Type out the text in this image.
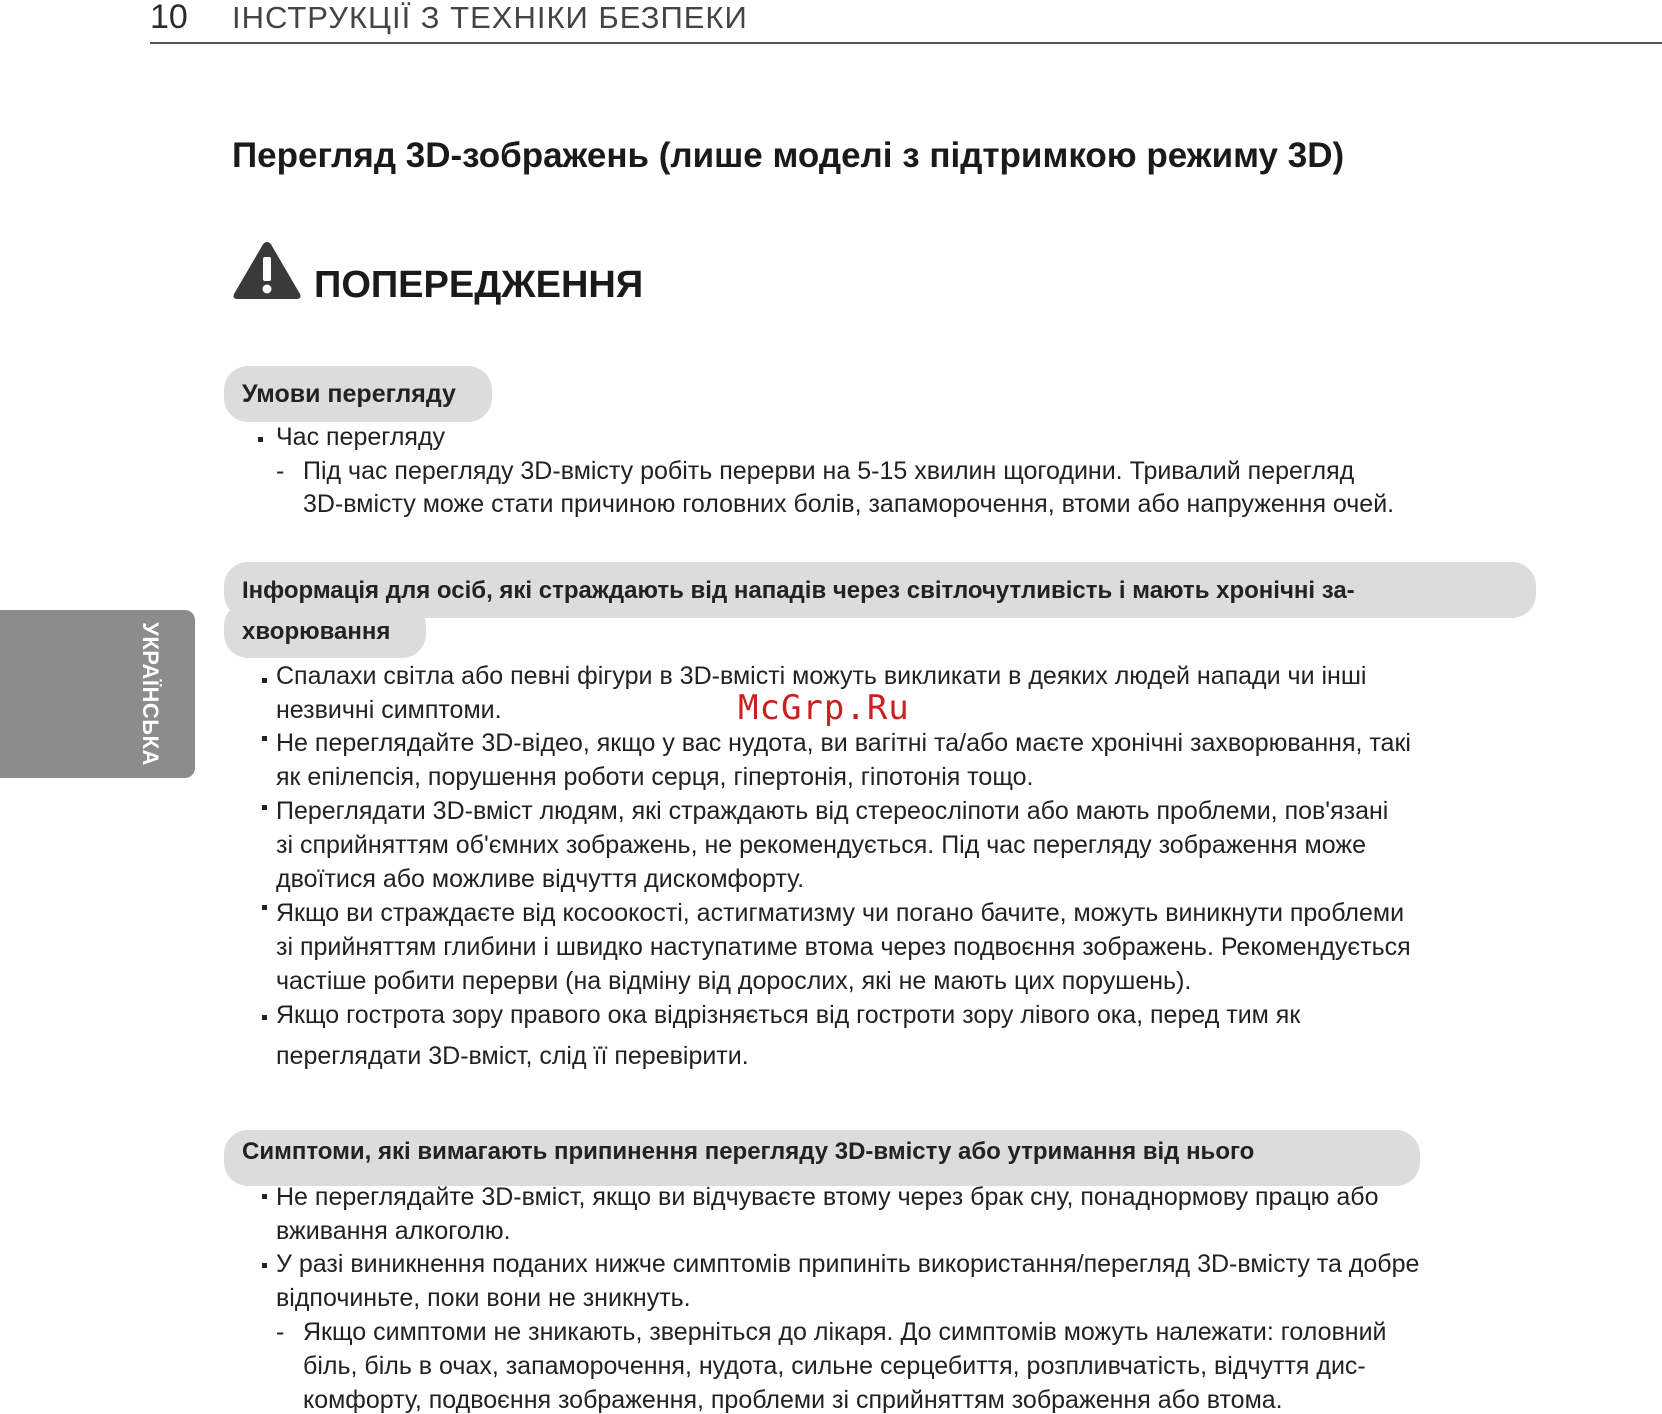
10 ІНСТРУКЦІЇ З ТЕХНІКИ БЕЗПЕКИ
УКРАЇНСЬКА
Перегляд 3D-зображень (лише моделі з підтримкою режиму 3D)
ПОПЕРЕДЖЕННЯ
Умови перегляду
Час перегляду
- Під час перегляду 3D-вмісту робіть перерви на 5-15 хвилин щогодини. Тривалий перегляд
3D-вмісту може стати причиною головних болів, запаморочення, втоми або напруження очей.
Інформація для осіб, які страждають від нападів через світлочутливість і мають хронічні за-
хворювання
Спалахи світла або певні фігури в 3D-вмісті можуть викликати в деяких людей напади чи інші
незвичні симптоми.
Не переглядайте 3D-відео, якщо у вас нудота, ви вагітні та/або маєте хронічні захворювання, такі
як епілепсія, порушення роботи серця, гіпертонія, гіпотонія тощо.
Переглядати 3D-вміст людям, які страждають від стереосліпоти або мають проблеми, пов'язані
зі сприйняттям об'ємних зображень, не рекомендується. Під час перегляду зображення може
двоїтися або можливе відчуття дискомфорту.
Якщо ви страждаєте від косоокості, астигматизму чи погано бачите, можуть виникнути проблеми
зі прийняттям глибини і швидко наступатиме втома через подвоєння зображень. Рекомендується
частіше робити перерви (на відміну від дорослих, які не мають цих порушень).
Якщо гострота зору правого ока відрізняється від гостроти зору лівого ока, перед тим як
переглядати 3D-вміст, слід її перевірити.
McGrp.Ru
Симптоми, які вимагають припинення перегляду 3D-вмісту або утримання від нього
Не переглядайте 3D-вміст, якщо ви відчуваєте втому через брак сну, понаднормову працю або
вживання алкоголю.
У разі виникнення поданих нижче симптомів припиніть використання/перегляд 3D-вмісту та добре
відпочиньте, поки вони не зникнуть.
- Якщо симптоми не зникають, зверніться до лікаря. До симптомів можуть належати: головний
біль, біль в очах, запаморочення, нудота, сильне серцебиття, розпливчатість, відчуття дис-
комфорту, подвоєння зображення, проблеми зі сприйняттям зображення або втома.
